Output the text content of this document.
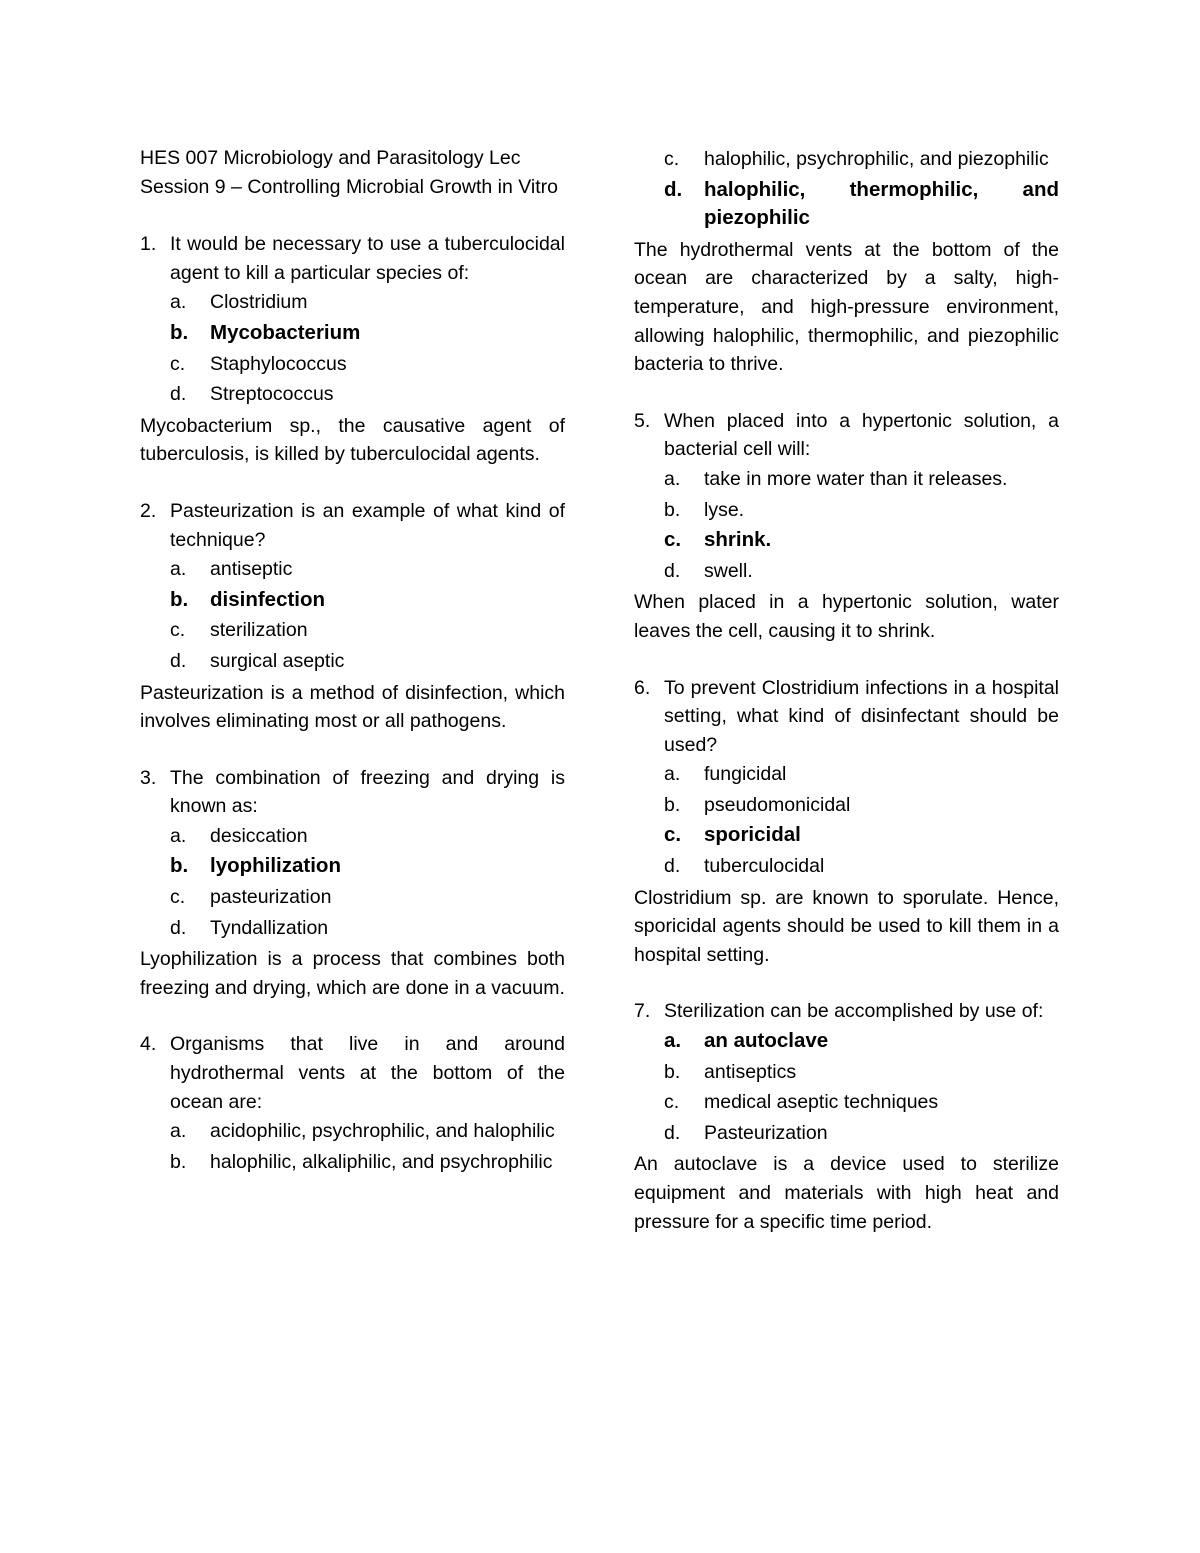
HES 007 Microbiology and Parasitology Lec Session 9 – Controlling Microbial Growth in Vitro
1. It would be necessary to use a tuberculocidal agent to kill a particular species of:
a.	Clostridium
b.	Mycobacterium
c.	Staphylococcus
d.	Streptococcus
Mycobacterium sp., the causative agent of tuberculosis, is killed by tuberculocidal agents.
2. Pasteurization is an example of what kind of technique?
a.	antiseptic
b.	disinfection
c.	sterilization
d.	surgical aseptic
Pasteurization is a method of disinfection, which involves eliminating most or all pathogens.
3. The combination of freezing and drying is known as:
a.	desiccation
b.	lyophilization
c.	pasteurization
d.	Tyndallization
Lyophilization is a process that combines both freezing and drying, which are done in a vacuum.
4. Organisms that live in and around hydrothermal vents at the bottom of the ocean are:
a.	acidophilic, psychrophilic, and halophilic
b.	halophilic, alkaliphilic, and psychrophilic
c.	halophilic, psychrophilic, and piezophilic
d.	halophilic, thermophilic, and piezophilic
The hydrothermal vents at the bottom of the ocean are characterized by a salty, high-temperature, and high-pressure environment, allowing halophilic, thermophilic, and piezophilic bacteria to thrive.
5. When placed into a hypertonic solution, a bacterial cell will:
a.	take in more water than it releases.
b.	lyse.
c.	shrink.
d.	swell.
When placed in a hypertonic solution, water leaves the cell, causing it to shrink.
6. To prevent Clostridium infections in a hospital setting, what kind of disinfectant should be used?
a.	fungicidal
b.	pseudomonicidal
c.	sporicidal
d.	tuberculocidal
Clostridium sp. are known to sporulate. Hence, sporicidal agents should be used to kill them in a hospital setting.
7. Sterilization can be accomplished by use of:
a.	an autoclave
b.	antiseptics
c.	medical aseptic techniques
d.	Pasteurization
An autoclave is a device used to sterilize equipment and materials with high heat and pressure for a specific time period.
